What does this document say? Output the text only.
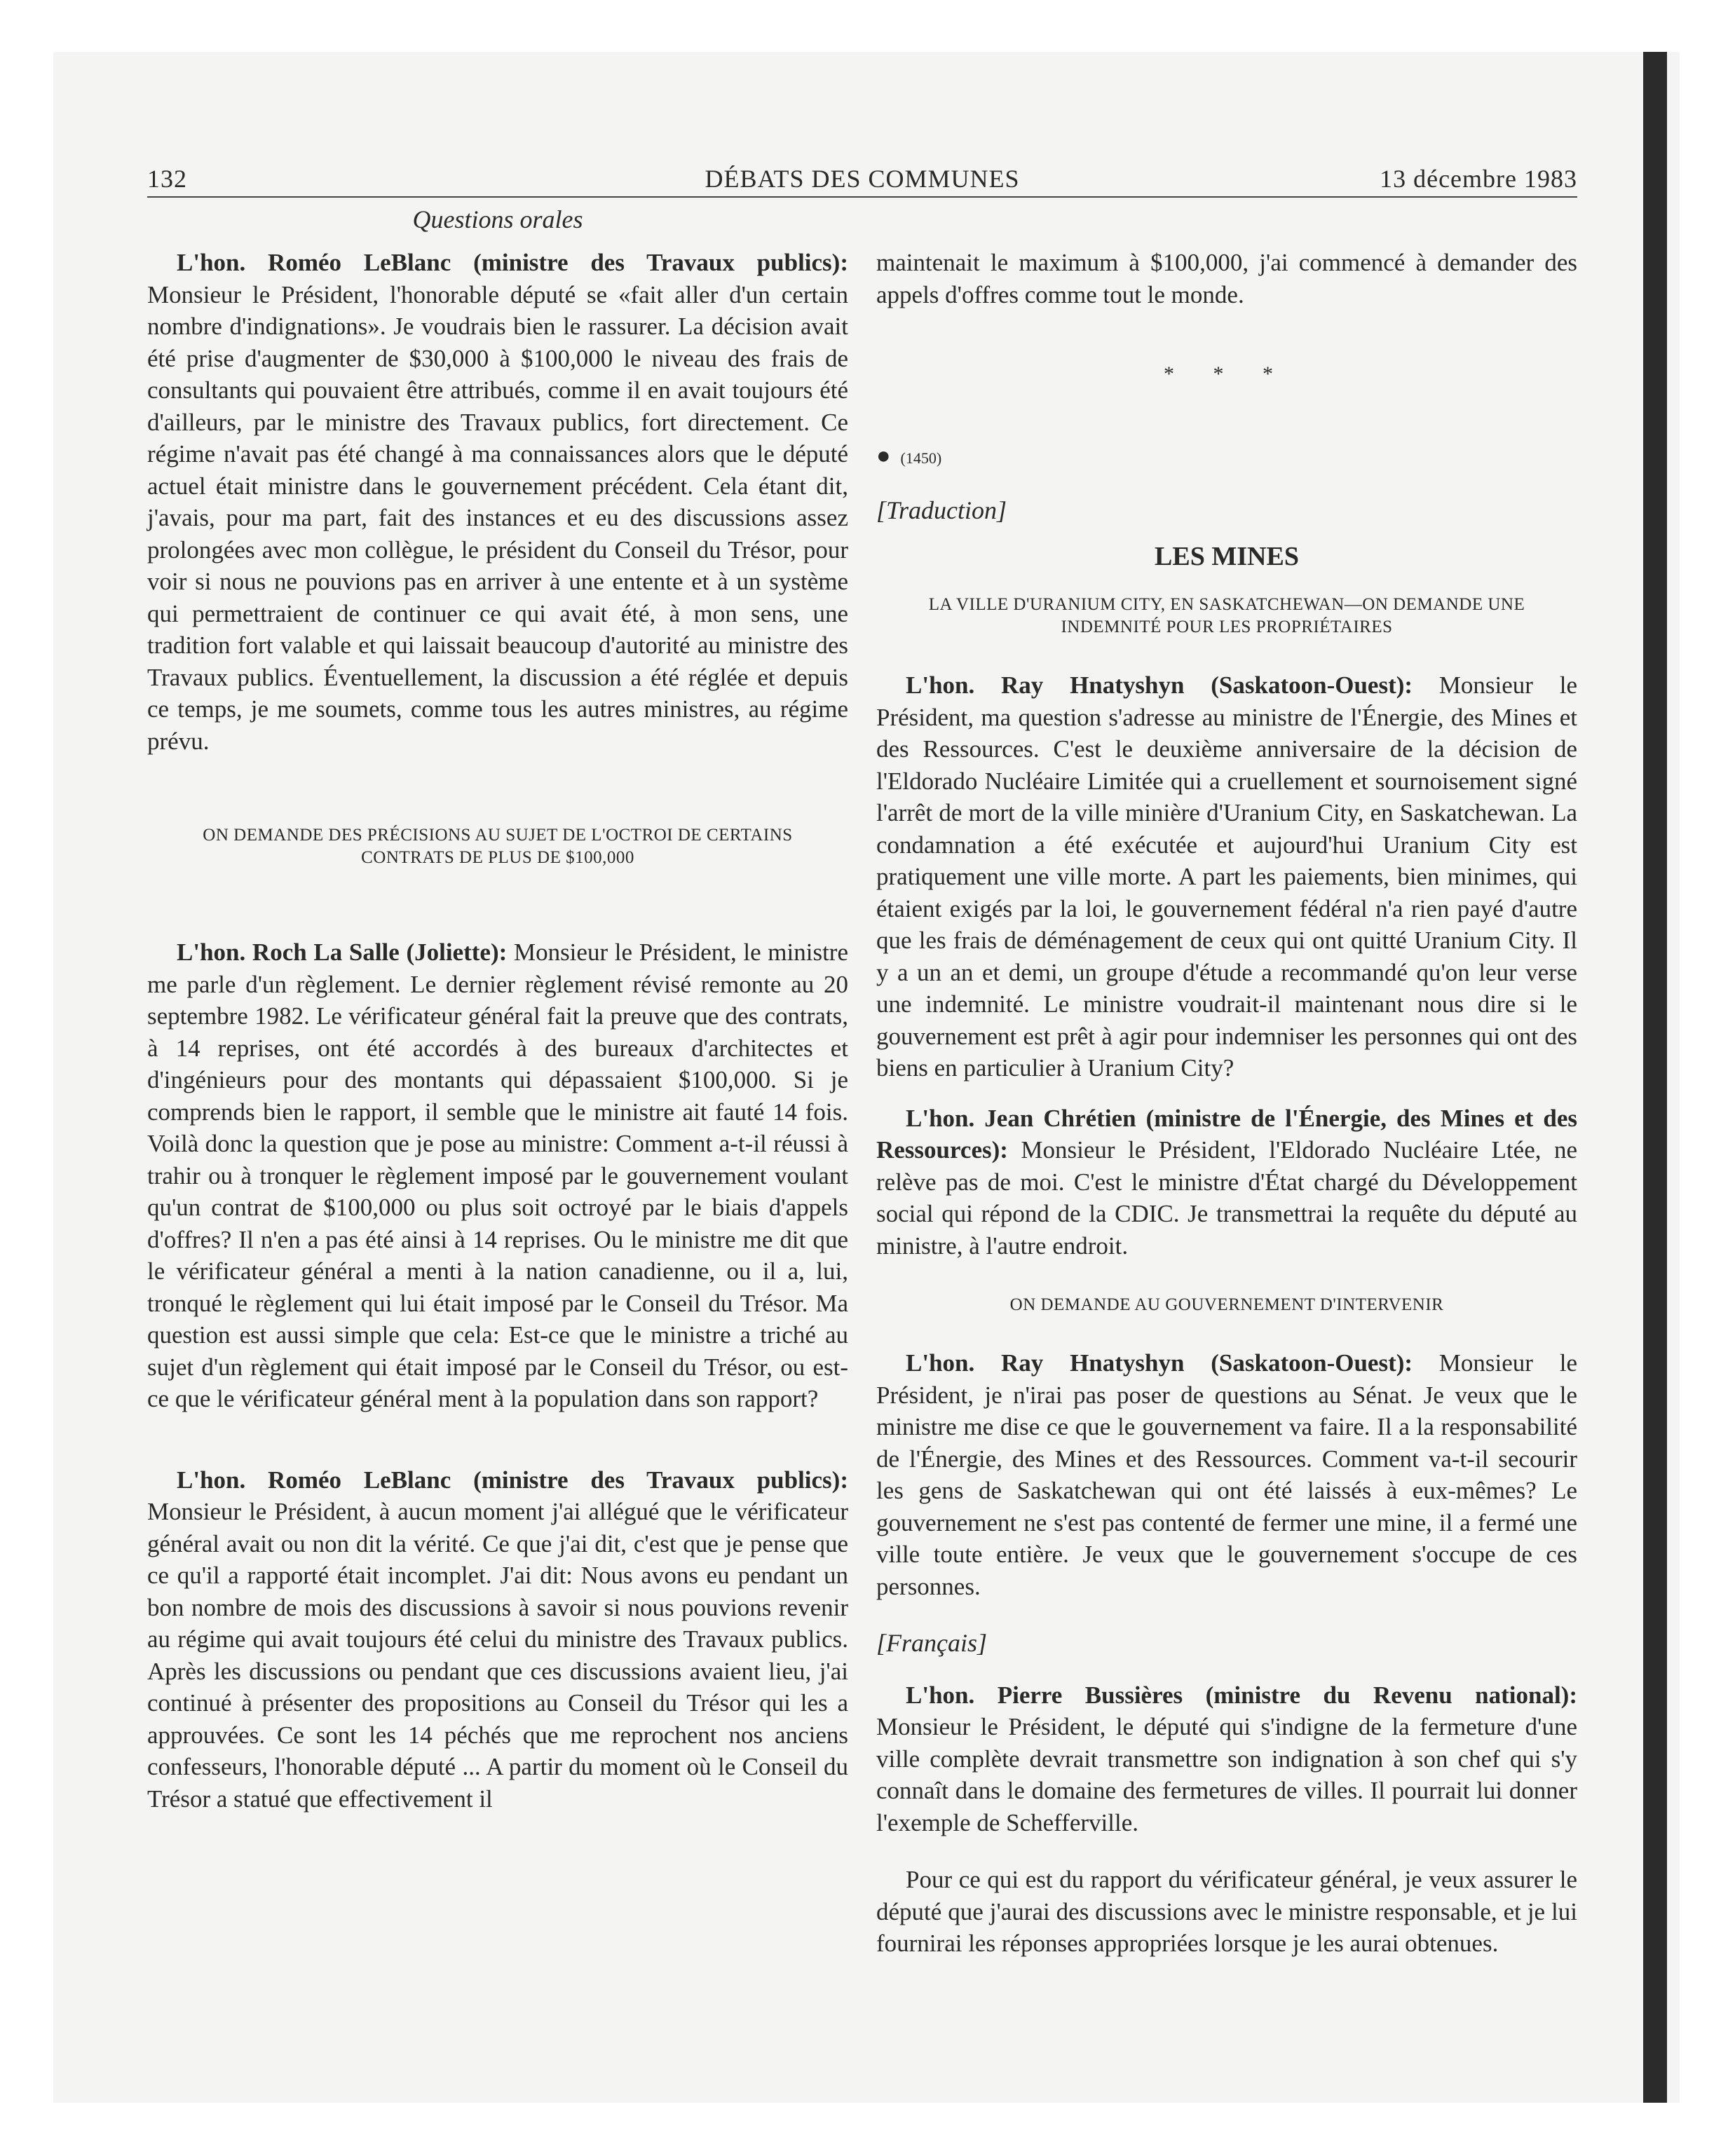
132	DÉBATS DES COMMUNES	13 décembre 1983
Questions orales

L'hon. Roméo LeBlanc (ministre des Travaux publics): Monsieur le Président, l'honorable député se «fait aller d'un certain nombre d'indignations». Je voudrais bien le rassurer. La décision avait été prise d'augmenter de $30,000 à $100,000 le niveau des frais de consultants qui pouvaient être attribués, comme il en avait toujours été d'ailleurs, par le ministre des Travaux publics, fort directement. Ce régime n'avait pas été changé à ma connaissances alors que le député actuel était ministre dans le gouvernement précédent. Cela étant dit, j'avais, pour ma part, fait des instances et eu des discussions assez prolongées avec mon collègue, le président du Conseil du Trésor, pour voir si nous ne pouvions pas en arriver à une entente et à un système qui permettraient de continuer ce qui avait été, à mon sens, une tradition fort valable et qui laissait beaucoup d'autorité au ministre des Travaux publics. Éventuellement, la discussion a été réglée et depuis ce temps, je me soumets, comme tous les autres ministres, au régime prévu.

ON DEMANDE DES PRÉCISIONS AU SUJET DE L'OCTROI DE CERTAINS CONTRATS DE PLUS DE $100,000

L'hon. Roch La Salle (Joliette): Monsieur le Président, le ministre me parle d'un règlement. Le dernier règlement révisé remonte au 20 septembre 1982. Le vérificateur général fait la preuve que des contrats, à 14 reprises, ont été accordés à des bureaux d'architectes et d'ingénieurs pour des montants qui dépassaient $100,000. Si je comprends bien le rapport, il semble que le ministre ait fauté 14 fois. Voilà donc la question que je pose au ministre: Comment a-t-il réussi à trahir ou à tronquer le règlement imposé par le gouvernement voulant qu'un contrat de $100,000 ou plus soit octroyé par le biais d'appels d'offres? Il n'en a pas été ainsi à 14 reprises. Ou le ministre me dit que le vérificateur général a menti à la nation canadienne, ou il a, lui, tronqué le règlement qui lui était imposé par le Conseil du Trésor. Ma question est aussi simple que cela: Est-ce que le ministre a triché au sujet d'un règlement qui était imposé par le Conseil du Trésor, ou est-ce que le vérificateur général ment à la population dans son rapport?

L'hon. Roméo LeBlanc (ministre des Travaux publics): Monsieur le Président, à aucun moment j'ai allégué que le vérificateur général avait ou non dit la vérité. Ce que j'ai dit, c'est que je pense que ce qu'il a rapporté était incomplet. J'ai dit: Nous avons eu pendant un bon nombre de mois des discussions à savoir si nous pouvions revenir au régime qui avait toujours été celui du ministre des Travaux publics. Après les discussions ou pendant que ces discussions avaient lieu, j'ai continué à présenter des propositions au Conseil du Trésor qui les a approuvées. Ce sont les 14 péchés que me reprochent nos anciens confesseurs, l'honorable député ... A partir du moment où le Conseil du Trésor a statué que effectivement il

maintenait le maximum à $100,000, j'ai commencé à demander des appels d'offres comme tout le monde.

* * *

● (1450)

[Traduction]

LES MINES

LA VILLE D'URANIUM CITY, EN SASKATCHEWAN—ON DEMANDE UNE INDEMNITÉ POUR LES PROPRIÉTAIRES

L'hon. Ray Hnatyshyn (Saskatoon-Ouest): Monsieur le Président, ma question s'adresse au ministre de l'Énergie, des Mines et des Ressources. C'est le deuxième anniversaire de la décision de l'Eldorado Nucléaire Limitée qui a cruellement et sournoisement signé l'arrêt de mort de la ville minière d'Uranium City, en Saskatchewan. La condamnation a été exécutée et aujourd'hui Uranium City est pratiquement une ville morte. A part les paiements, bien minimes, qui étaient exigés par la loi, le gouvernement fédéral n'a rien payé d'autre que les frais de déménagement de ceux qui ont quitté Uranium City. Il y a un an et demi, un groupe d'étude a recommandé qu'on leur verse une indemnité. Le ministre voudrait-il maintenant nous dire si le gouvernement est prêt à agir pour indemniser les personnes qui ont des biens en particulier à Uranium City?

L'hon. Jean Chrétien (ministre de l'Énergie, des Mines et des Ressources): Monsieur le Président, l'Eldorado Nucléaire Ltée, ne relève pas de moi. C'est le ministre d'État chargé du Développement social qui répond de la CDIC. Je transmettrai la requête du député au ministre, à l'autre endroit.

ON DEMANDE AU GOUVERNEMENT D'INTERVENIR

L'hon. Ray Hnatyshyn (Saskatoon-Ouest): Monsieur le Président, je n'irai pas poser de questions au Sénat. Je veux que le ministre me dise ce que le gouvernement va faire. Il a la responsabilité de l'Énergie, des Mines et des Ressources. Comment va-t-il secourir les gens de Saskatchewan qui ont été laissés à eux-mêmes? Le gouvernement ne s'est pas contenté de fermer une mine, il a fermé une ville toute entière. Je veux que le gouvernement s'occupe de ces personnes.

[Français]

L'hon. Pierre Bussières (ministre du Revenu national): Monsieur le Président, le député qui s'indigne de la fermeture d'une ville complète devrait transmettre son indignation à son chef qui s'y connaît dans le domaine des fermetures de villes. Il pourrait lui donner l'exemple de Schefferville.

Pour ce qui est du rapport du vérificateur général, je veux assurer le député que j'aurai des discussions avec le ministre responsable, et je lui fournirai les réponses appropriées lorsque je les aurai obtenues.
